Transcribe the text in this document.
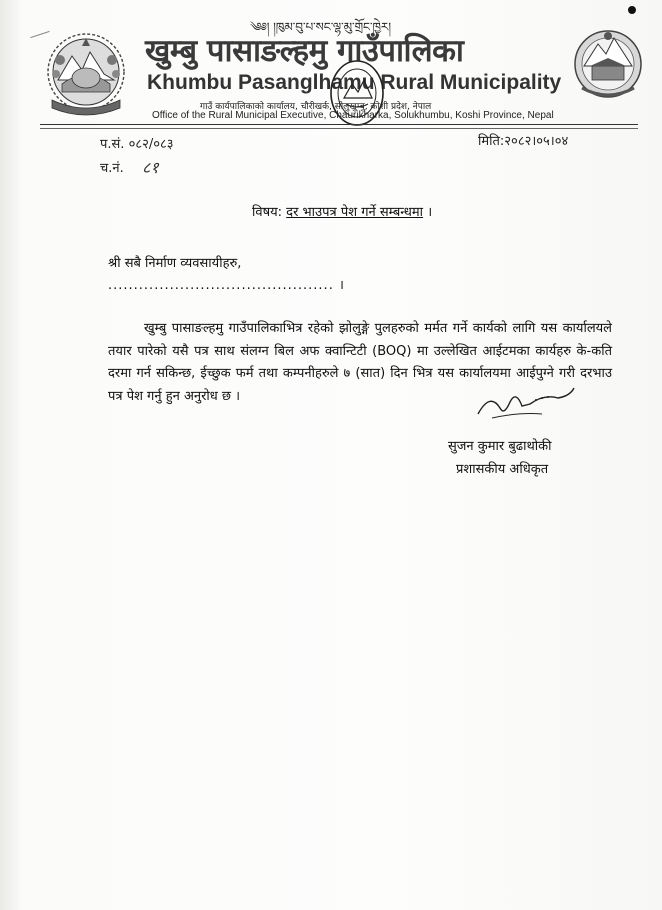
༄༅། །ཁུམ་བུ་པ་སང་ལྷ་མུ་གྲོང་ཁྱེར།
खुम्बु पासाङल्हमु गाउँपालिका
Khumbu Pasanglhamu Rural Municipality
गाउँ कार्यपालिकाको कार्यालय, चौरीखर्क, सोलुखुम्बु, कोशी प्रदेश, नेपाल
Office of the Rural Municipal Executive, Chaurikharka, Solukhumbu, Koshi Province, Nepal
प.सं. ०८२/०८३
च.नं. ८१
मिति:२०८२।०५।०४
विषय: दर भाउपत्र पेश गर्ने सम्बन्धमा ।
श्री सबै निर्माण व्यवसायीहरु,
............................................ ।
खुम्बु पासाङल्हमु गाउँपालिकाभित्र रहेको झोलुङ्गे पुलहरुको मर्मत गर्ने कार्यको लागि यस कार्यालयले तयार पारेको यसै पत्र साथ संलग्न बिल अफ क्वान्टिटी (BOQ) मा उल्लेखित आईटमका कार्यहरु के-कति दरमा गर्न सकिन्छ, ईच्छुक फर्म तथा कम्पनीहरुले ७ (सात) दिन भित्र यस कार्यालयमा आईपुग्ने गरी दरभाउ पत्र पेश गर्नु हुन अनुरोध छ ।
सुजन कुमार बुढाथोकी
प्रशासकीय अधिकृत
